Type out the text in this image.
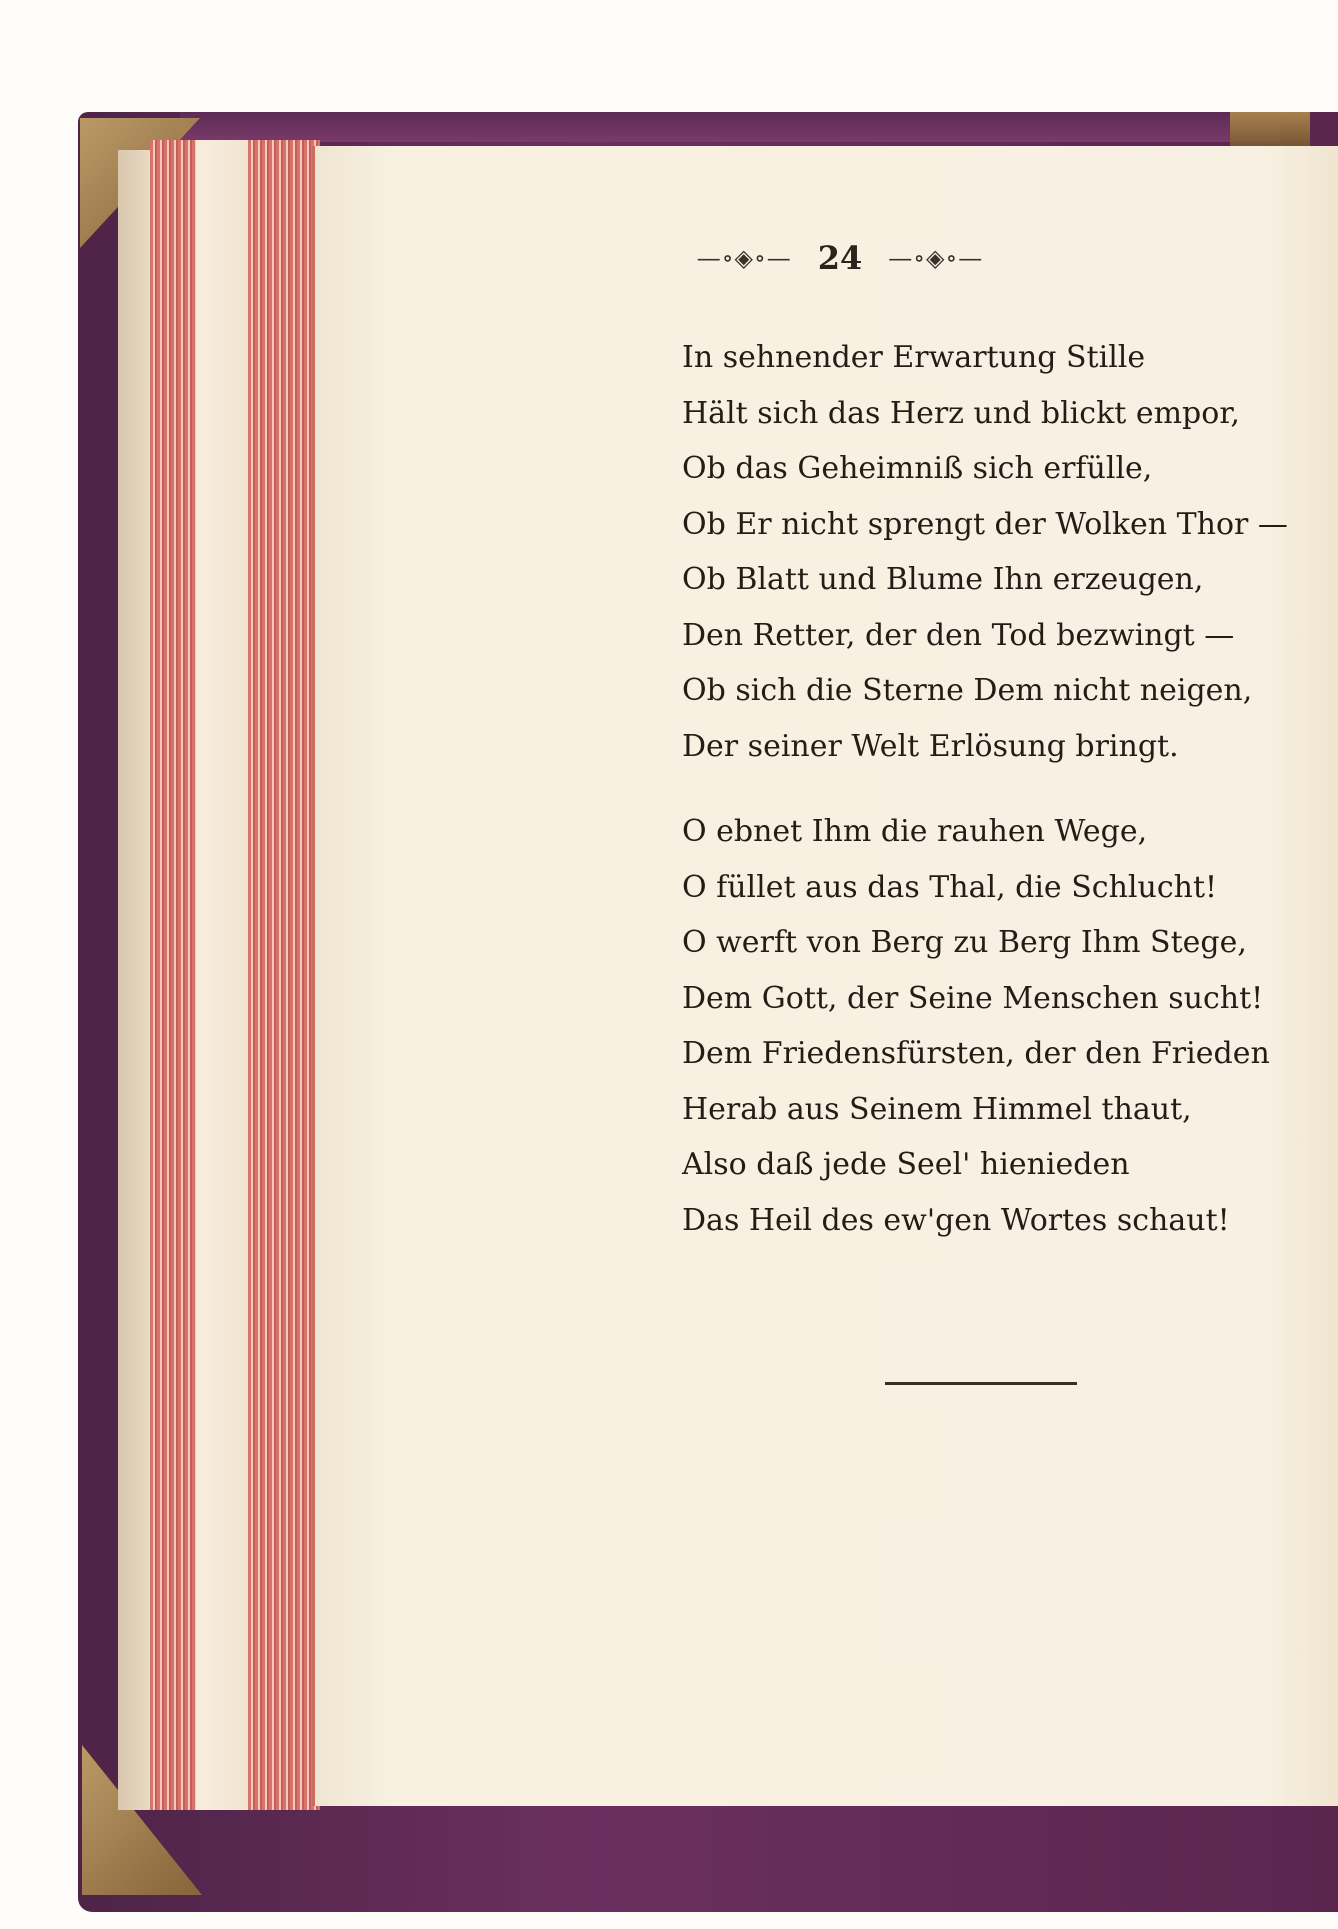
—∘◈∘— 24 —∘◈∘—
In sehnender Erwartung Stille
Hält sich das Herz und blickt empor,
Ob das Geheimniß sich erfülle,
Ob Er nicht sprengt der Wolken Thor —
Ob Blatt und Blume Ihn erzeugen,
Den Retter, der den Tod bezwingt —
Ob sich die Sterne Dem nicht neigen,
Der seiner Welt Erlösung bringt.
O ebnet Ihm die rauhen Wege,
O füllet aus das Thal, die Schlucht!
O werft von Berg zu Berg Ihm Stege,
Dem Gott, der Seine Menschen sucht!
Dem Friedensfürsten, der den Frieden
Herab aus Seinem Himmel thaut,
Also daß jede Seel' hienieden
Das Heil des ew'gen Wortes schaut!
